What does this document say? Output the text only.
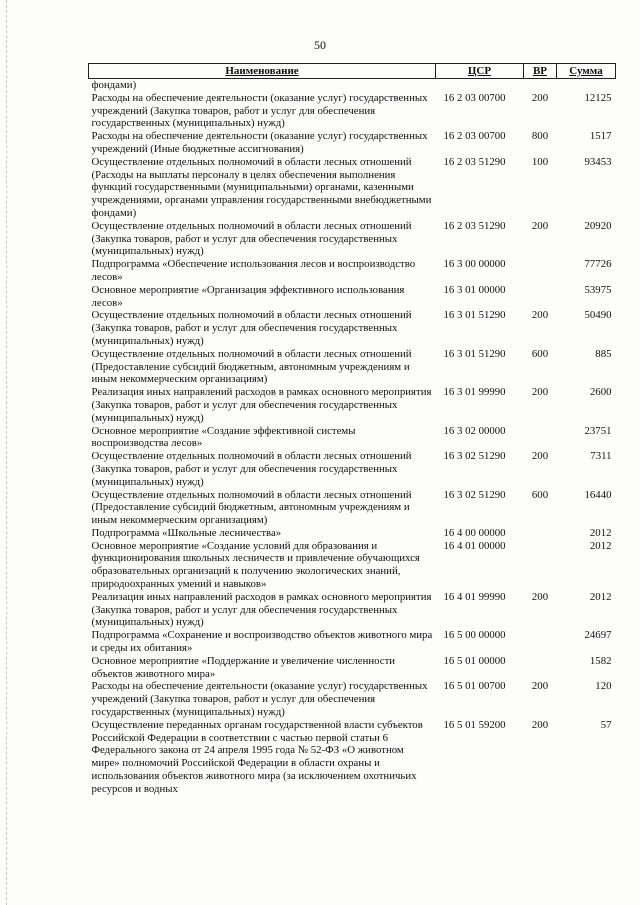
50
Наименование	ЦСР	ВР	Сумма
фондами)			
Расходы на обеспечение деятельности (оказание услуг) государственных учреждений (Закупка товаров, работ и услуг для обеспечения государственных (муниципальных) нужд)	16 2 03 00700	200	12125
Расходы на обеспечение деятельности (оказание услуг) государственных учреждений (Иные бюджетные ассигнования)	16 2 03 00700	800	1517
Осуществление отдельных полномочий в области лесных отношений (Расходы на выплаты персоналу в целях обеспечения выполнения функций государственными (муниципальными) органами, казенными учреждениями, органами управления государственными внебюджетными фондами)	16 2 03 51290	100	93453
Осуществление отдельных полномочий в области лесных отношений (Закупка товаров, работ и услуг для обеспечения государственных (муниципальных) нужд)	16 2 03 51290	200	20920
Подпрограмма «Обеспечение использования лесов и воспроизводство лесов»	16 3 00 00000		77726
Основное мероприятие «Организация эффективного использования лесов»	16 3 01 00000		53975
Осуществление отдельных полномочий в области лесных отношений (Закупка товаров, работ и услуг для обеспечения государственных (муниципальных) нужд)	16 3 01 51290	200	50490
Осуществление отдельных полномочий в области лесных отношений (Предоставление субсидий бюджетным, автономным учреждениям и иным некоммерческим организациям)	16 3 01 51290	600	885
Реализация иных направлений расходов в рамках основного мероприятия (Закупка товаров, работ и услуг для обеспечения государственных (муниципальных) нужд)	16 3 01 99990	200	2600
Основное мероприятие «Создание эффективной системы воспроизводства лесов»	16 3 02 00000		23751
Осуществление отдельных полномочий в области лесных отношений (Закупка товаров, работ и услуг для обеспечения государственных (муниципальных) нужд)	16 3 02 51290	200	7311
Осуществление отдельных полномочий в области лесных отношений (Предоставление субсидий бюджетным, автономным учреждениям и иным некоммерческим организациям)	16 3 02 51290	600	16440
Подпрограмма «Школьные лесничества»	16 4 00 00000		2012
Основное мероприятие «Создание условий для образования и функционирования школьных лесничеств и привлечение обучающихся образовательных организаций к получению экологических знаний, природоохранных умений и навыков»	16 4 01 00000		2012
Реализация иных направлений расходов в рамках основного мероприятия (Закупка товаров, работ и услуг для обеспечения государственных (муниципальных) нужд)	16 4 01 99990	200	2012
Подпрограмма «Сохранение и воспроизводство объектов животного мира и среды их обитания»	16 5 00 00000		24697
Основное мероприятие «Поддержание и увеличение численности объектов животного мира»	16 5 01 00000		1582
Расходы на обеспечение деятельности (оказание услуг) государственных учреждений (Закупка товаров, работ и услуг для обеспечения государственных (муниципальных) нужд)	16 5 01 00700	200	120
Осуществление переданных органам государственной власти субъектов Российской Федерации в соответствии с частью первой статьи 6 Федерального закона от 24 апреля 1995 года № 52-ФЗ «О животном мире» полномочий Российской Федерации в области охраны и использования объектов животного мира (за исключением охотничьих ресурсов и водных	16 5 01 59200	200	57
